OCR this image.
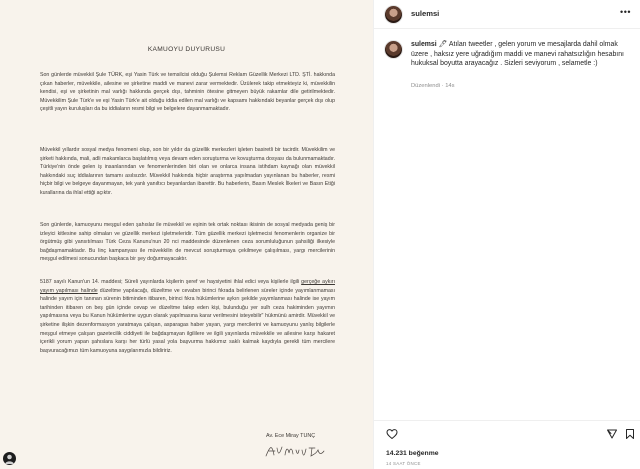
KAMUOYU DUYURUSU

Son günlerde müvekkil Şule TÜRK, eşi Yasin Türk ve temsilcisi olduğu Şulemsi Reklam Güzellik Merkezi LTD. ŞTİ. hakkında çıkan haberler, müvekkile, ailesine ve şirketine maddi ve manevi zarar vermektedir. Üzülerek takip etmekteyiz ki, müvekkilin kendisi, eşi ve şirketinin mal varlığı hakkında gerçek dışı, tahminin ötesine gitmeyen büyük rakamlar dile getirilmektedir. Müvekkilim Şule Türk'e ve eşi Yasin Türk'e ait olduğu iddia edilen mal varlığı ve kapsamı hakkındaki beyanlar gerçek dışı olup çeşitli yayın kuruluşları da bu iddiaların resmi bilgi ve belgelere dayanmamaktadır.

Müvekkil yıllardır sosyal medya fenomeni olup, son bir yıldır da güzellik merkezleri işleten basiretli bir tacirdir. Müvekkilim ve şirketi hakkında, mali, adli makamlarca başlatılmış veya devam eden soruşturma ve kovuşturma dosyası da bulunmamaktadır. Türkiye'nin önde gelen iş insanlarından ve fenomenlerinden biri olan ve onlarca insana istihdam kaynağı olan müvekkil hakkındaki suç iddialarının tamamı asılsızdır. Müvekkil hakkında hiçbir araştırma yapılmadan yayınlanan bu haberler, resmi hiçbir bilgi ve belgeye dayanmayan, tek yanlı yanıltıcı beyanlardan ibarettir. Bu haberlerin, Basın Meslek İlkeleri ve Basın Etiği kurallarına da ihlal ettiği açıktır.

Son günlerde, kamuoyunu meşgul eden şahıslar ile müvekkil ve eşinin tek ortak noktası ikisinin de sosyal medyada geniş bir izleyici kitlesine sahip olmaları ve güzellik merkezi işletmeleridir. Tüm güzellik merkezi işletmecisi fenomenlerin organize bir örgütmüş gibi yansıtılması Türk Ceza Kanunu'nun 20 nci maddesinde düzenlenen ceza sorumluluğunun şahsiliği ilkesiyle bağdaşmamaktadır. Bu linç kampanyası ile müvekkilin de mevcut soruşturmaya çekilmeye çalışılması, yargı mercilerinin meşgul edilmesi sonucundan başkaca bir şey doğurmayacaktır.

5187 sayılı Kanun'un 14. maddesi; Süreli yayınlarda kişilerin şeref ve haysiyetini ihlal edici veya kişilerle ilgili gerçeğe aykırı yayım yapılması halinde düzeltme yapılacağı, düzeltme ve cevabın birinci fıkrada belirlenen süreler içinde yayımlanmaması halinde yayım için tanınan sürenin bitiminden itibaren, birinci fıkra hükümlerine aykırı şekilde yayımlanması halinde ise yayım tarihinden itibaren on beş gün içinde cevap ve düzeltme talep eden kişi, bulunduğu yer sulh ceza hakiminden yayımın yapılmasına veya bu Kanun hükümlerine uygun olarak yapılmasına karar verilmesini isteyebilir" hükmünü amirdir. Müvekkil ve şirketine ilişkin dezenformasyon yaratmaya çalışan, asparagas haber yayan, yargı mercilerini ve kamuoyunu yanlış bilgilerle meşgul etmeye çalışan gazetecilik ciddiyeti ile bağdaşmayan ilgililere ve ilgili yayınlarda müvekkile ve ailesine karşı hakaret içerikli yorum yapan şahıslara karşı her türlü yasal yola başvurma hakkımız saklı kalmak kaydıyla gerekli tüm mercilere başvuracağımızı tüm kamuoyuna saygılarımızla bildiririz.

Av. Ece Miray TUNÇ
sulemsi	•••
sulemsi 🖊 Atılan tweetler , gelen yorum ve mesajlarda dahil olmak üzere , haksız yere uğradığım maddi ve manevi rahatsızlığın hesabını hukuksal boyutta arayacağız . Sizleri seviyorum , selametle :)
Düzenlendi · 14s
14.231 beğenme
14 SAAT ÖNCE
